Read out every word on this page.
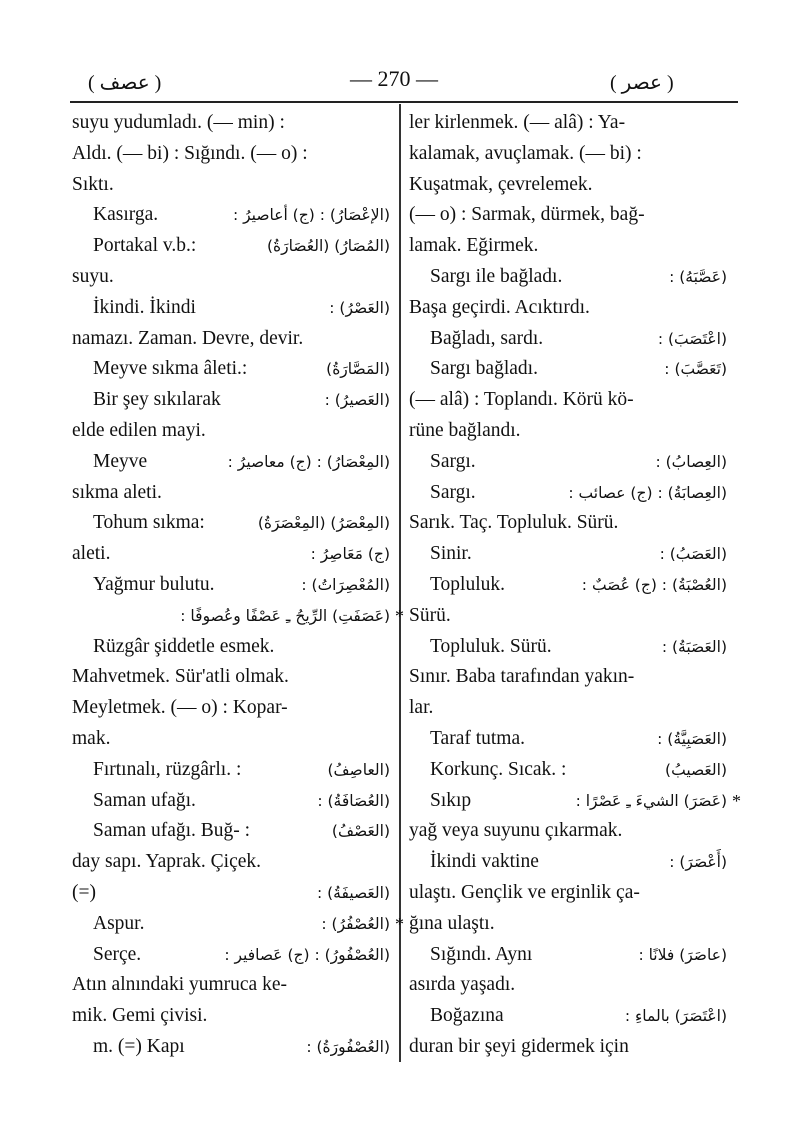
( عصف )	— 270 —	( عصر )
suyu yudumladı. (— min) :
Aldı. (— bi) : Sığındı. (— o) :
Sıktı.
Kasırga.	(الإعْصَارُ) : (ج) أعاصيرُ :
Portakal v.b.:	(المُصَارُ) (العُصَارَةُ)
suyu.
İkindi. İkindi	(العَصْرُ) :
namazı. Zaman. Devre, devir.
Meyve sıkma âleti.:	(المَصَّارَةُ)
Bir şey sıkılarak	(العَصيرُ) :
elde edilen mayi.
Meyve	(المِعْصَارُ) : (ج) معاصيرُ :
sıkma aleti.
Tohum sıkma:	(المِعْصَرُ) (المِعْصَرَةُ)
aleti.	(ج) مَعَاصِرُ :
Yağmur bulutu.	(المُعْصِرَاتُ) :
(عَصَفَتِ) الرِّيحُ ـِ عَصْفًا وعُصوفًا : *
Rüzgâr şiddetle esmek.
Mahvetmek. Sür'atli olmak.
Meyletmek. (— o) : Kopar-
mak.
Fırtınalı, rüzgârlı. :	(العاصِفُ)
Saman ufağı.	(العُصَافَةُ) :
Saman ufağı. Buğ- :	(العَصْفُ)
day sapı. Yaprak. Çiçek.
(=)	(العَصيفَةُ) :
Aspur.	(العُصْفُرُ) : *
Serçe.	(العُصْفُورُ) : (ج) عَصافير :
Atın alnındaki yumruca ke-
mik. Gemi çivisi.
m. (=) Kapı	(العُصْفُورَةُ) :
ler kirlenmek. (— alâ) : Ya-
kalamak, avuçlamak. (— bi) :
Kuşatmak, çevrelemek.
(— o) : Sarmak, dürmek, bağ-
lamak. Eğirmek.
Sargı ile bağladı.	(عَصَّبَهُ) :
Başa geçirdi. Acıktırdı.
Bağladı, sardı.	(اعْتَصَبَ) :
Sargı bağladı.	(تَعَصَّبَ) :
(— alâ) : Toplandı. Körü kö-
rüne bağlandı.
Sargı.	(العِصابُ) :
Sargı.	(العِصابَةُ) : (ج) عصائب :
Sarık. Taç. Topluluk. Sürü.
Sinir.	(العَصَبُ) :
Topluluk.	(العُصْبَةُ) : (ج) عُصَبٌ :
Sürü.
Topluluk. Sürü.	(العَصَبَةُ) :
Sınır. Baba tarafından yakın-
lar.
Taraf tutma.	(العَصَبِيَّةُ) :
Korkunç. Sıcak. :	(العَصيبُ)
Sıkıp	(عَصَرَ) الشيءَ ـِ عَصْرًا : *
yağ veya suyunu çıkarmak.
İkindi vaktine	(أَعْصَرَ) :
ulaştı. Gençlik ve erginlik ça-
ğına ulaştı.
Sığındı. Aynı	(عاصَرَ) فلانًا :
asırda yaşadı.
Boğazına	(اعْتَصَرَ) بالماءِ :
duran bir şeyi gidermek için
